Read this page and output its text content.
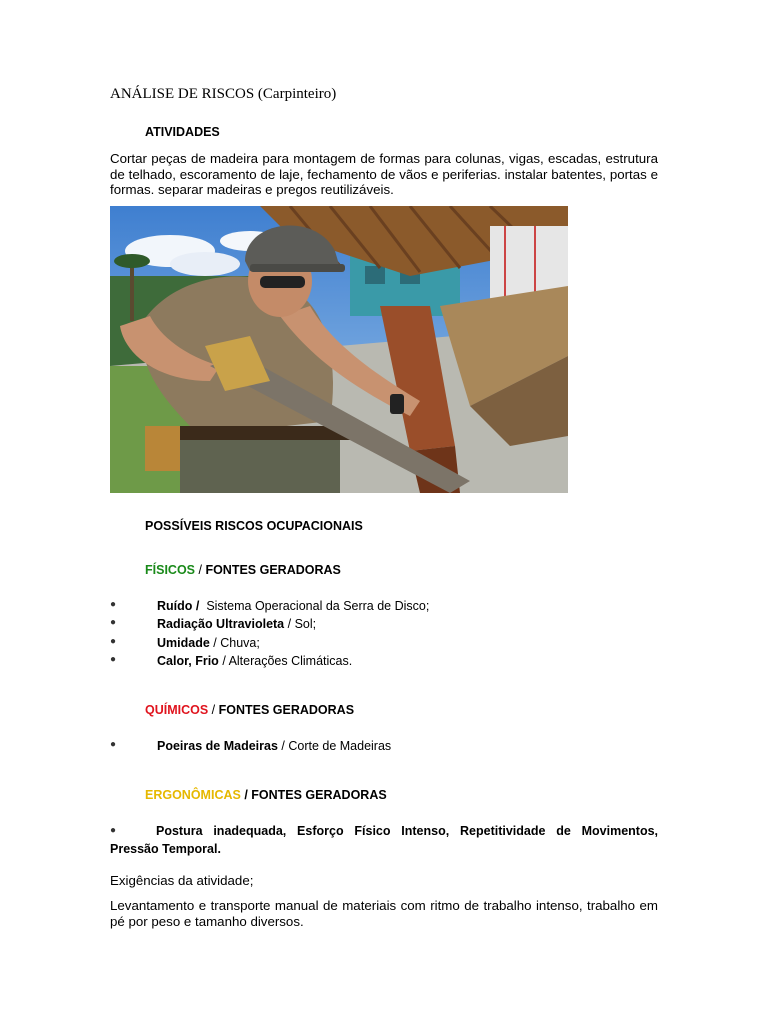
ANÁLISE DE RISCOS (Carpinteiro)
ATIVIDADES
Cortar peças de madeira para montagem de formas para colunas, vigas, escadas, estrutura de telhado, escoramento de laje, fechamento de vãos e periferias. instalar batentes, portas e formas. separar madeiras e pregos reutilizáveis.
POSSÍVEIS RISCOS OCUPACIONAIS
FÍSICOS / FONTES GERADORAS
●	Ruído / Sistema Operacional da Serra de Disco;
●	Radiação Ultravioleta / Sol;
●	Umidade / Chuva;
●	Calor, Frio / Alterações Climáticas.
QUÍMICOS / FONTES GERADORAS
●	Poeiras de Madeiras / Corte de Madeiras
ERGONÔMICAS / FONTES GERADORAS
●	Postura inadequada, Esforço Físico Intenso, Repetitividade de Movimentos, Pressão Temporal.
Exigências da atividade;
Levantamento e transporte manual de materiais com ritmo de trabalho intenso, trabalho em pé por peso e tamanho diversos.
